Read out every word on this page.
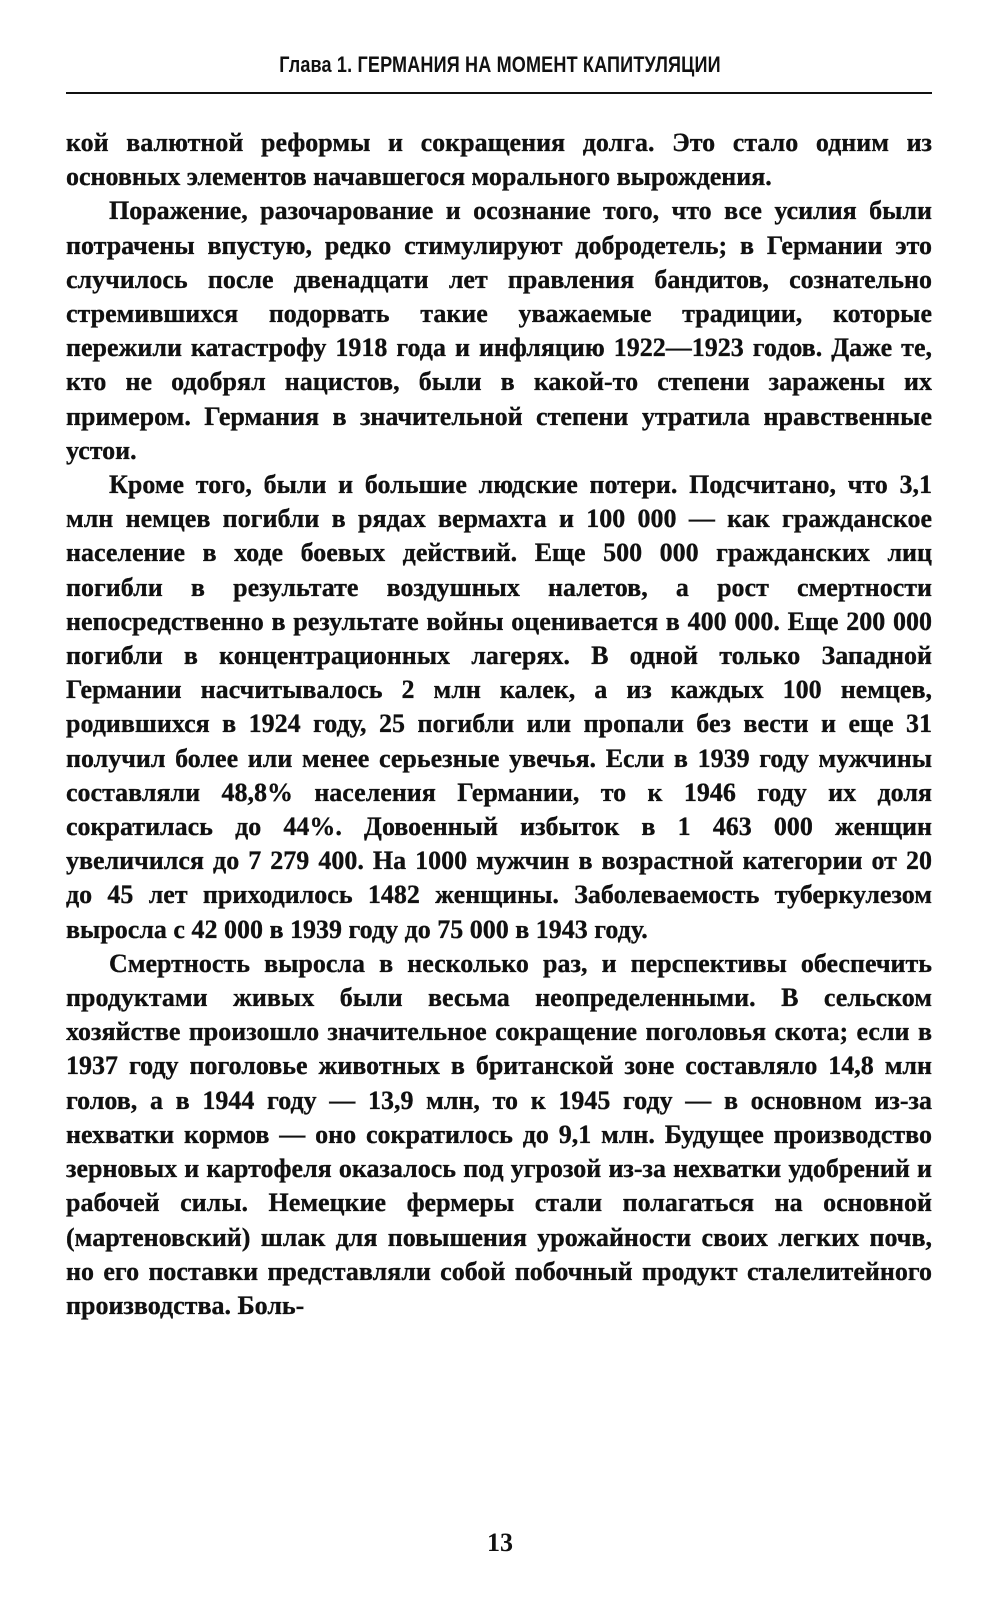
Глава 1. ГЕРМАНИЯ НА МОМЕНТ КАПИТУЛЯЦИИ

кой валютной реформы и сокращения долга. Это стало одним из основных элементов начавшегося морального вырождения.

Поражение, разочарование и осознание того, что все усилия были потрачены впустую, редко стимулируют добродетель; в Германии это случилось после двенадцати лет правления бандитов, сознательно стремившихся подорвать такие уважаемые традиции, которые пережили катастрофу 1918 года и инфляцию 1922—1923 годов. Даже те, кто не одобрял нацистов, были в какой-то степени заражены их примером. Германия в значительной степени утратила нравственные устои.

Кроме того, были и большие людские потери. Подсчитано, что 3,1 млн немцев погибли в рядах вермахта и 100 000 — как гражданское население в ходе боевых действий. Еще 500 000 гражданских лиц погибли в результате воздушных налетов, а рост смертности непосредственно в результате войны оценивается в 400 000. Еще 200 000 погибли в концентрационных лагерях. В одной только Западной Германии насчитывалось 2 млн калек, а из каждых 100 немцев, родившихся в 1924 году, 25 погибли или пропали без вести и еще 31 получил более или менее серьезные увечья. Если в 1939 году мужчины составляли 48,8% населения Германии, то к 1946 году их доля сократилась до 44%. Довоенный избыток в 1 463 000 женщин увеличился до 7 279 400. На 1000 мужчин в возрастной категории от 20 до 45 лет приходилось 1482 женщины. Заболеваемость туберкулезом выросла с 42 000 в 1939 году до 75 000 в 1943 году.

Смертность выросла в несколько раз, и перспективы обеспечить продуктами живых были весьма неопределенными. В сельском хозяйстве произошло значительное сокращение поголовья скота; если в 1937 году поголовье животных в британской зоне составляло 14,8 млн голов, а в 1944 году — 13,9 млн, то к 1945 году — в основном из-за нехватки кормов — оно сократилось до 9,1 млн. Будущее производство зерновых и картофеля оказалось под угрозой из-за нехватки удобрений и рабочей силы. Немецкие фермеры стали полагаться на основной (мартеновский) шлак для повышения урожайности своих легких почв, но его поставки представляли собой побочный продукт сталелитейного производства. Боль-

13
